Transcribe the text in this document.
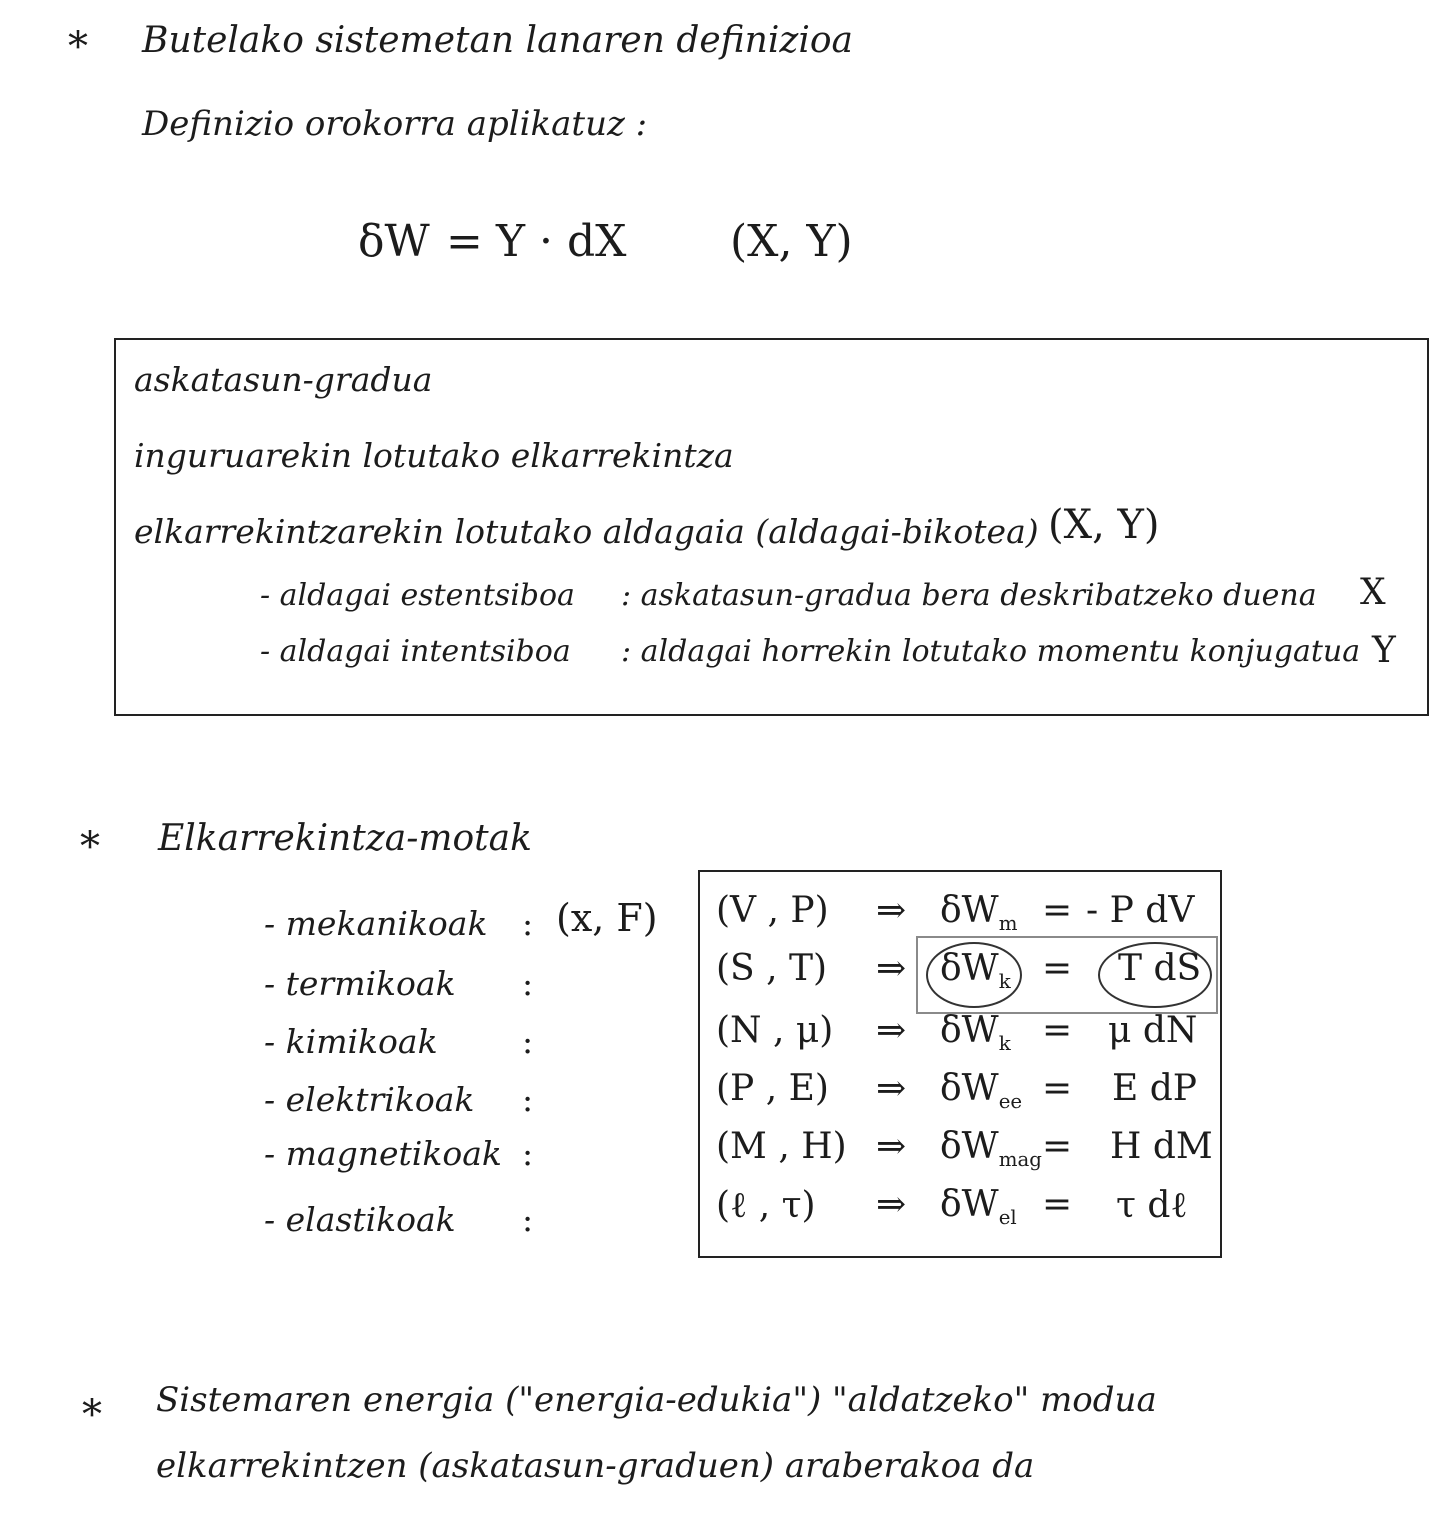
* Butelako sistemetan lanaren definizioa
Definizio orokorra aplikatuz :
δW = Y · dX (X, Y)
askatasun-gradua
inguruarekin lotutako elkarrekintza
elkarrekintzarekin lotutako aldagaia (aldagai-bikotea) (X, Y)
- aldagai estentsiboa : askatasun-gradua bera deskribatzeko duena X
- aldagai intentsiboa : aldagai horrekin lotutako momentu konjugatua Y
* Elkarrekintza-motak
- mekanikoak : (x, F)
- termikoak :
- kimikoak	:
- elektrikoak :
- magnetikoak :
- elastikoak :
(V , P) ⇒ $\delta W_m$ = - P dV
(S , T) ⇒ $\delta W_k = T$ dS
(N , μ) ⇒ $\delta W_k = \mu$ dN
(P , E) ⇒ $\delta W_{ee} = E$ dP
(M , H) ⇒ $\delta W_{mag} = H$ dM
(ℓ , τ) ⇒ $\delta W_{el} = \tau$ dℓ
* Sistemaren energia ("energia-edukia") "aldatzeko" modua
elkarrekintzen (askatasun-graduen) araberakoa da
